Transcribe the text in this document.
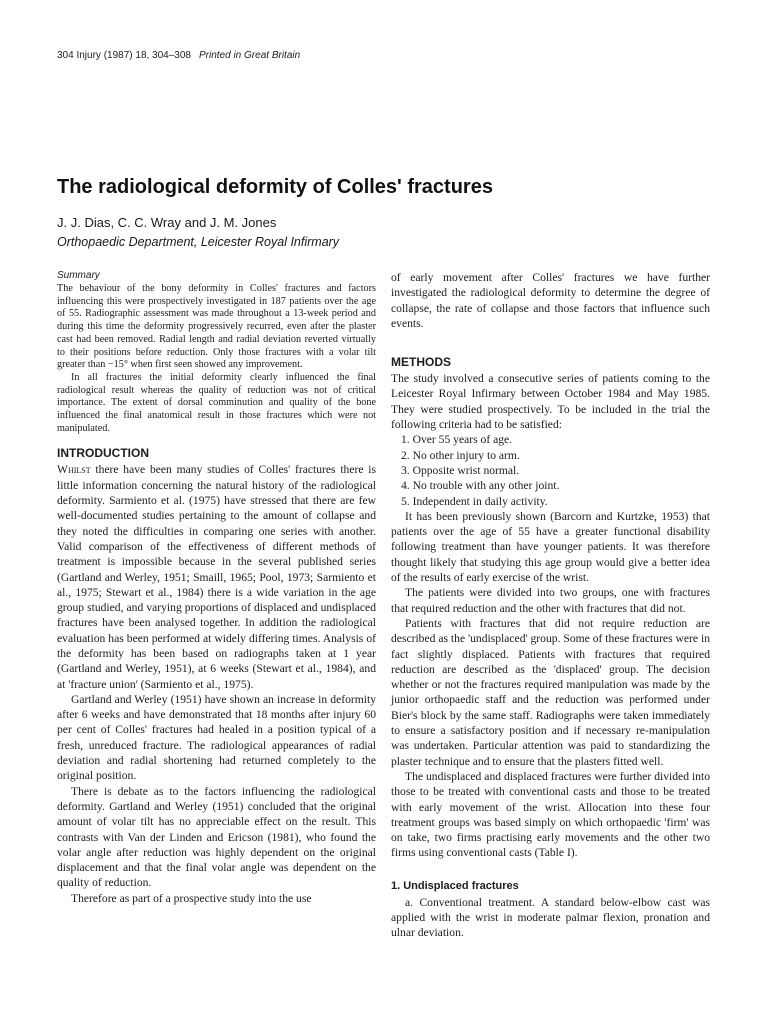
304 Injury (1987) 18, 304–308 Printed in Great Britain
The radiological deformity of Colles' fractures
J. J. Dias, C. C. Wray and J. M. Jones
Orthopaedic Department, Leicester Royal Infirmary
Summary

The behaviour of the bony deformity in Colles' fractures and factors influencing this were prospectively investigated in 187 patients over the age of 55. Radiographic assessment was made throughout a 13-week period and during this time the deformity progressively recurred, even after the plaster cast had been removed. Radial length and radial deviation reverted virtually to their positions before reduction. Only those fractures with a volar tilt greater than −15° when first seen showed any improvement.

In all fractures the initial deformity clearly influenced the final radiological result whereas the quality of reduction was not of critical importance. The extent of dorsal comminution and quality of the bone influenced the final anatomical result in those fractures which were not manipulated.

INTRODUCTION

Whilst there have been many studies of Colles' fractures there is little information concerning the natural history of the radiological deformity. Sarmiento et al. (1975) have stressed that there are few well-documented studies pertaining to the amount of collapse and they noted the difficulties in comparing one series with another. Valid comparison of the effectiveness of different methods of treatment is impossible because in the several published series (Gartland and Werley, 1951; Smaill, 1965; Pool, 1973; Sarmiento et al., 1975; Stewart et al., 1984) there is a wide variation in the age group studied, and varying proportions of displaced and undisplaced fractures have been analysed together. In addition the radiological evaluation has been performed at widely differing times. Analysis of the deformity has been based on radiographs taken at 1 year (Gartland and Werley, 1951), at 6 weeks (Stewart et al., 1984), and at 'fracture union' (Sarmiento et al., 1975).

Gartland and Werley (1951) have shown an increase in deformity after 6 weeks and have demonstrated that 18 months after injury 60 per cent of Colles' fractures had healed in a position typical of a fresh, unreduced fracture. The radiological appearances of radial deviation and radial shortening had returned completely to the original position.

There is debate as to the factors influencing the radiological deformity. Gartland and Werley (1951) concluded that the original amount of volar tilt has no appreciable effect on the result. This contrasts with Van der Linden and Ericson (1981), who found the volar angle after reduction was highly dependent on the original displacement and that the final volar angle was dependent on the quality of reduction.

Therefore as part of a prospective study into the use

of early movement after Colles' fractures we have further investigated the radiological deformity to determine the degree of collapse, the rate of collapse and those factors that influence such events.

METHODS

The study involved a consecutive series of patients coming to the Leicester Royal Infirmary between October 1984 and May 1985. They were studied prospectively. To be included in the trial the following criteria had to be satisfied:

1. Over 55 years of age.
2. No other injury to arm.
3. Opposite wrist normal.
4. No trouble with any other joint.
5. Independent in daily activity.

It has been previously shown (Barcorn and Kurtzke, 1953) that patients over the age of 55 have a greater functional disability following treatment than have younger patients. It was therefore thought likely that studying this age group would give a better idea of the results of early exercise of the wrist.

The patients were divided into two groups, one with fractures that required reduction and the other with fractures that did not.

Patients with fractures that did not require reduction are described as the 'undisplaced' group. Some of these fractures were in fact slightly displaced. Patients with fractures that required reduction are described as the 'displaced' group. The decision whether or not the fractures required manipulation was made by the junior orthopaedic staff and the reduction was performed under Bier's block by the same staff. Radiographs were taken immediately to ensure a satisfactory position and if necessary re-manipulation was undertaken. Particular attention was paid to standardizing the plaster technique and to ensure that the plasters fitted well.

The undisplaced and displaced fractures were further divided into those to be treated with conventional casts and those to be treated with early movement of the wrist. Allocation into these four treatment groups was based simply on which orthopaedic 'firm' was on take, two firms practising early movements and the other two firms using conventional casts (Table I).

1. Undisplaced fractures

a. Conventional treatment. A standard below-elbow cast was applied with the wrist in moderate palmar flexion, pronation and ulnar deviation.
